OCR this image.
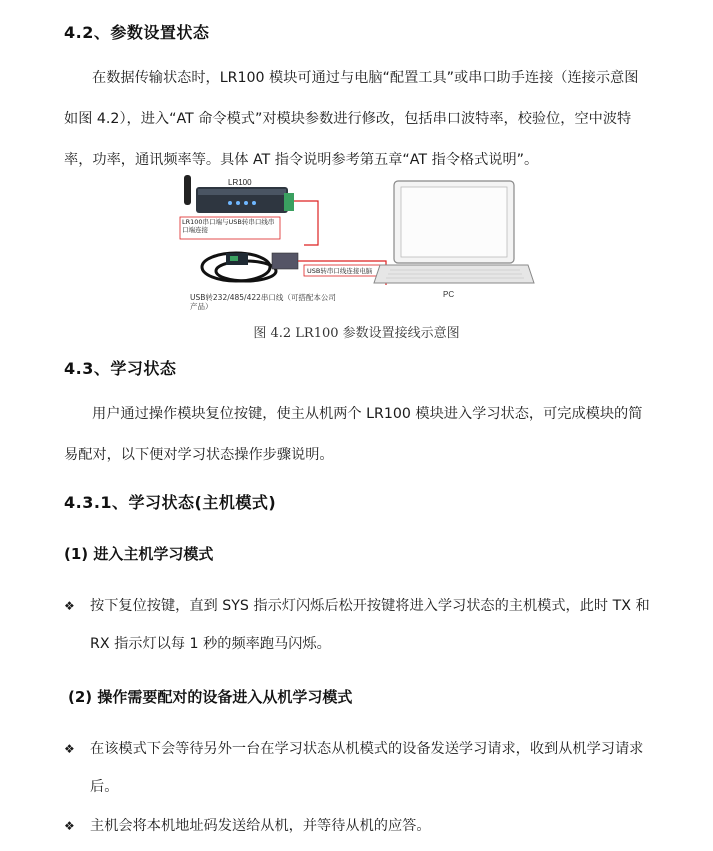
4.2、参数设置状态
在数据传输状态时，LR100 模块可通过与电脑“配置工具”或串口助手连接（连接示意图如图 4.2），进入“AT 命令模式”对模块参数进行修改，包括串口波特率，校验位，空中波特率，功率，通讯频率等。具体 AT 指令说明参考第五章“AT 指令格式说明”。
LR100
LR100串口端与USB转串口线串口端连接
USB转串口线连接电脑
USB转232/485/422串口线（可搭配本公司产品）
PC
图 4.2 LR100 参数设置接线示意图
4.3、学习状态
用户通过操作模块复位按键，使主从机两个 LR100 模块进入学习状态，可完成模块的简易配对，以下便对学习状态操作步骤说明。
4.3.1、学习状态(主机模式)
(1) 进入主机学习模式
❖ 按下复位按键，直到 SYS 指示灯闪烁后松开按键将进入学习状态的主机模式，此时 TX 和 RX 指示灯以每 1 秒的频率跑马闪烁。
(2) 操作需要配对的设备进入从机学习模式
❖ 在该模式下会等待另外一台在学习状态从机模式的设备发送学习请求，收到从机学习请求后。
❖ 主机会将本机地址码发送给从机，并等待从机的应答。
